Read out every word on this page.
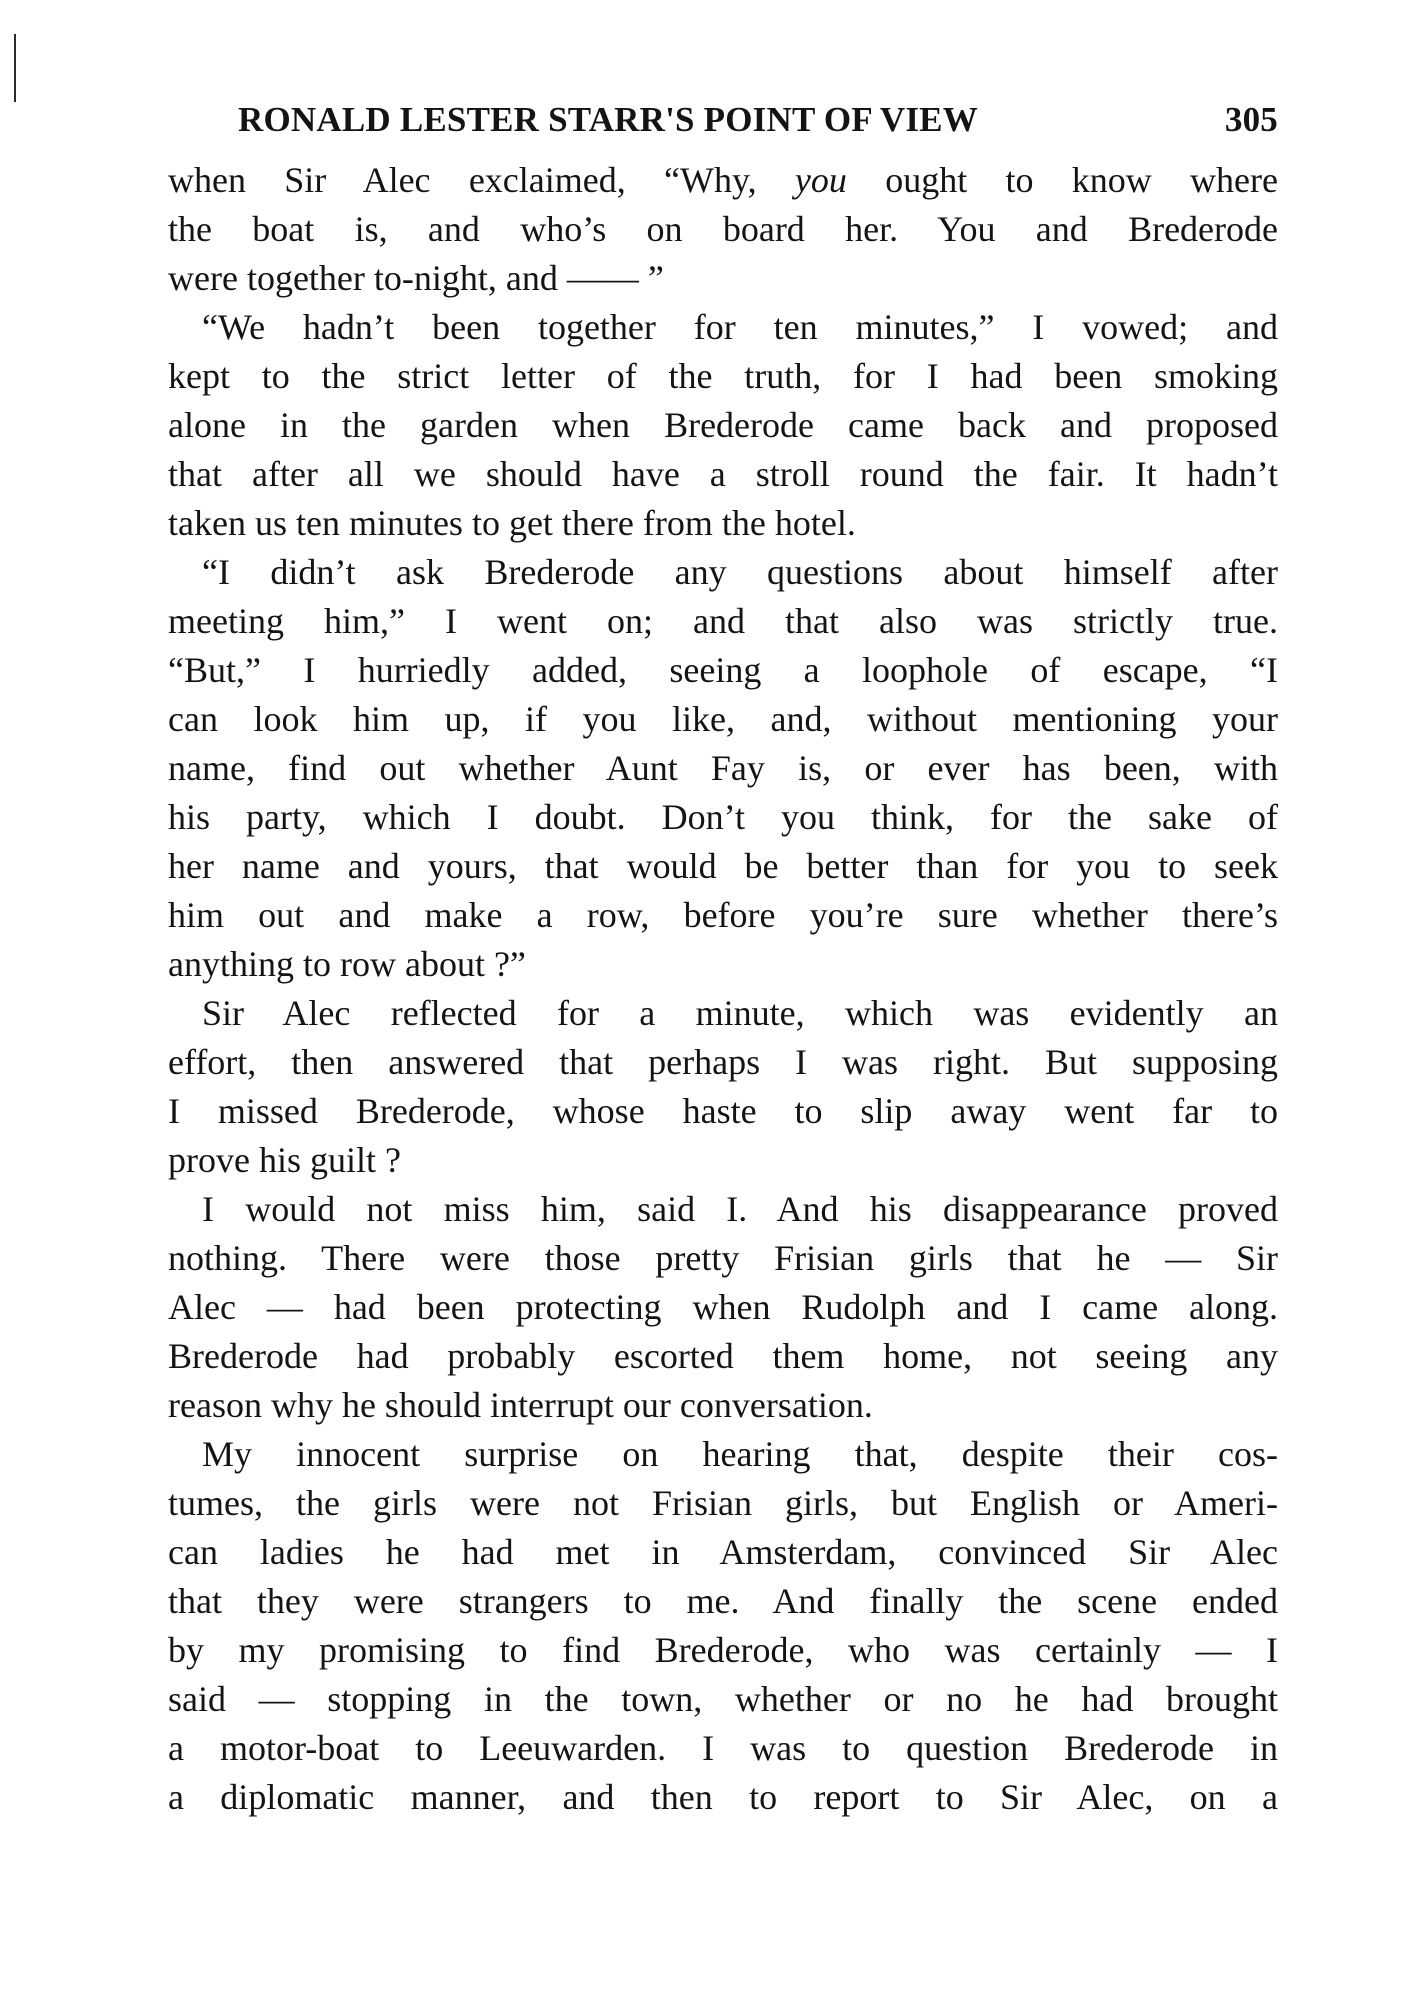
RONALD LESTER STARR'S POINT OF VIEW	305
when Sir Alec exclaimed, “Why, you ought to know where
the boat is, and who’s on board her. You and Brederode
were together to-night, and —— ”
“We hadn’t been together for ten minutes,” I vowed; and
kept to the strict letter of the truth, for I had been smoking
alone in the garden when Brederode came back and proposed
that after all we should have a stroll round the fair. It hadn’t
taken us ten minutes to get there from the hotel.
“I didn’t ask Brederode any questions about himself after
meeting him,” I went on; and that also was strictly true.
“But,” I hurriedly added, seeing a loophole of escape, “I
can look him up, if you like, and, without mentioning your
name, find out whether Aunt Fay is, or ever has been, with
his party, which I doubt. Don’t you think, for the sake of
her name and yours, that would be better than for you to seek
him out and make a row, before you’re sure whether there’s
anything to row about ?”
Sir Alec reflected for a minute, which was evidently an
effort, then answered that perhaps I was right. But supposing
I missed Brederode, whose haste to slip away went far to
prove his guilt ?
I would not miss him, said I. And his disappearance proved
nothing. There were those pretty Frisian girls that he — Sir
Alec — had been protecting when Rudolph and I came along.
Brederode had probably escorted them home, not seeing any
reason why he should interrupt our conversation.
My innocent surprise on hearing that, despite their cos-
tumes, the girls were not Frisian girls, but English or Ameri-
can ladies he had met in Amsterdam, convinced Sir Alec
that they were strangers to me. And finally the scene ended
by my promising to find Brederode, who was certainly — I
said — stopping in the town, whether or no he had brought
a motor-boat to Leeuwarden. I was to question Brederode in
a diplomatic manner, and then to report to Sir Alec, on a
